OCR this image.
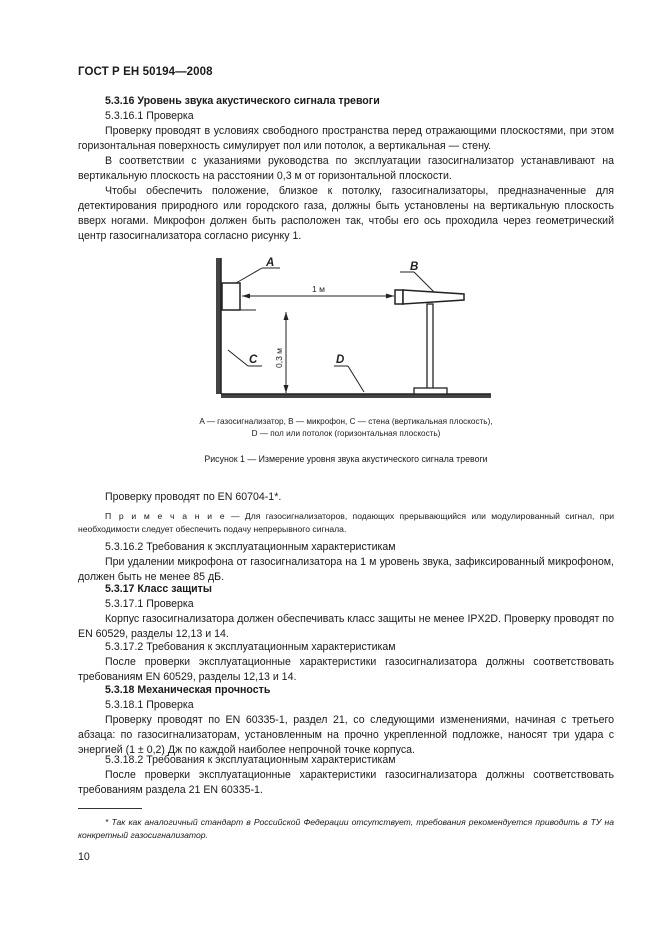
ГОСТ Р ЕН 50194—2008

5.3.16 Уровень звука акустического сигнала тревоги

5.3.16.1 Проверка

Проверку проводят в условиях свободного пространства перед отражающими плоскостями, при этом горизонтальная поверхность симулирует пол или потолок, а вертикальная — стену.

В соответствии с указаниями руководства по эксплуатации газосигнализатор устанавливают на вертикальную плоскость на расстоянии 0,3 м от горизонтальной плоскости.

Чтобы обеспечить положение, близкое к потолку, газосигнализаторы, предназначенные для детектирования природного или городского газа, должны быть установлены на вертикальную плоскость вверх ногами. Микрофон должен быть расположен так, чтобы его ось проходила через геометрический центр газосигнализатора согласно рисунку 1.

1 м
0,3 м
A	B
C	D

A — газосигнализатор, B — микрофон, C — стена (вертикальная плоскость),

D — пол или потолок (горизонтальная плоскость)

Рисунок 1 — Измерение уровня звука акустического сигнала тревоги

Проверку проводят по EN 60704-1*.

П р и м е ч а н и е — Для газосигнализаторов, подающих прерывающийся или модулированный сигнал, при необходимости следует обеспечить подачу непрерывного сигнала.

5.3.16.2 Требования к эксплуатационным характеристикам

При удалении микрофона от газосигнализатора на 1 м уровень звука, зафиксированный микрофоном, должен быть не менее 85 дБ.

5.3.17 Класс защиты

5.3.17.1 Проверка

Корпус газосигнализатора должен обеспечивать класс защиты не менее IPX2D. Проверку проводят по EN 60529, разделы 12,13 и 14.

5.3.17.2 Требования к эксплуатационным характеристикам

После проверки эксплуатационные характеристики газосигнализатора должны соответствовать требованиям EN 60529, разделы 12,13 и 14.

5.3.18 Механическая прочность

5.3.18.1 Проверка

Проверку проводят по EN 60335-1, раздел 21, со следующими изменениями, начиная с третьего абзаца: по газосигнализаторам, установленным на прочно укрепленной подложке, наносят три удара с энергией (1 ± 0,2) Дж по каждой наиболее непрочной точке корпуса.

5.3.18.2 Требования к эксплуатационным характеристикам

После проверки эксплуатационные характеристики газосигнализатора должны соответствовать требованиям раздела 21 EN 60335-1.

* Так как аналогичный стандарт в Российской Федерации отсутствует, требования рекомендуется приводить в ТУ на конкретный газосигнализатор.

10
